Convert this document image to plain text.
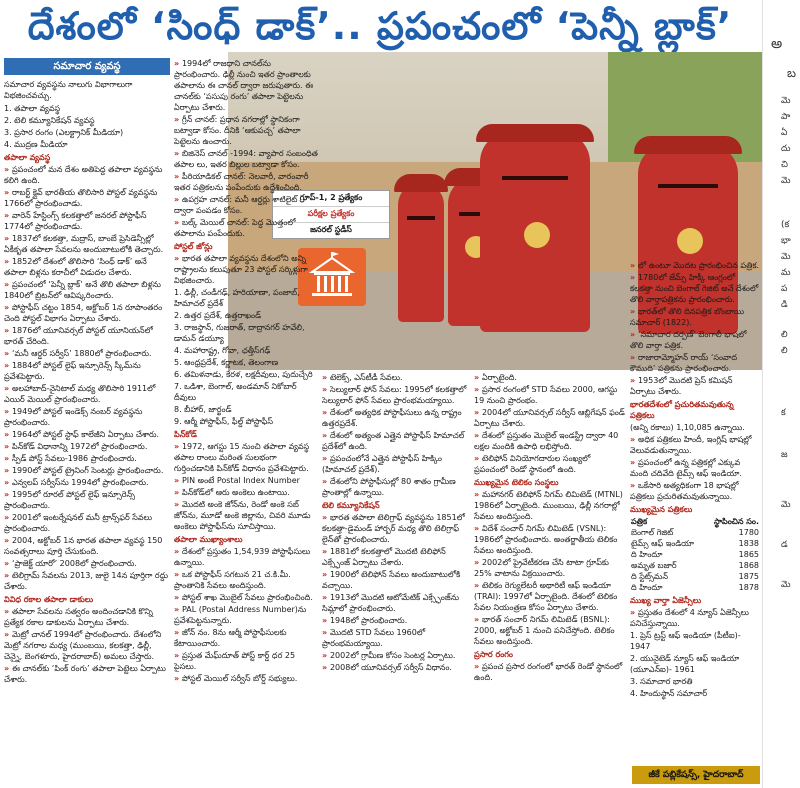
దేశంలో ‘సింధ్ డాక్’.. ప్రపంచంలో ‘పెన్నీ బ్లాక్’
గ్రూప్-1, 2 ప్రత్యేకం
పరీక్షల ప్రత్యేకం
జనరల్ స్టడీస్
సమాచార వ్యవస్థ
సమాచార వ్యవస్థను నాలుగు విభాగాలుగా విభజించవచ్చు.
1. తపాలా వ్యవస్థ
2. టెలి కమ్యూనికేషన్ వ్యవస్థ
3. ప్రసార రంగం (ఎలక్ట్రానిక్ మీడియా)
4. ముద్రణ మీడియా
తపాలా వ్యవస్థ
» ప్రపంచంలో మన దేశం అతిపెద్ద తపాలా వ్యవస్థను కలిగి ఉంది.
» రాబర్ట్ క్లైవ్ భారతీయ తొలిసారి పోస్టల్ వ్యవస్థను 1766లో ప్రారంభించాడు.
» వారెన్ హేస్టింగ్స్ కలకత్తాలో జనరల్ పోస్టాఫీస్ 1774లో ప్రారంభించాడు.
» 1837లో కలకత్తా, మద్రాస్, బాంబే ప్రెసిడెన్సీల్లో ఏకీకృత తపాలా సేవలను అందుబాటులోకి తెచ్చారు.
» 1852లో దేశంలో తొలిసారి ‘సింధ్ డాక్’ అనే తపాలా బిళ్లను కరాచీలో విడుదల చేశారు.
» ప్రపంచంలో ‘పెన్నీ బ్లాక్’ అనే తొలి తపాలా బిళ్లను 1840లో బ్రిటన్‌లో ఆవిష్కరించారు.
» పోస్టాఫీస్ చట్టం 1854, అక్టోబర్ 1న రూపాంతరం చెంది పోస్టల్ విభాగం ఏర్పాటు చేశారు.
» 1876లో యూనివర్సల్ పోస్టల్ యూనియన్‌లో భారత్ చేరింది.
» ‘మనీ ఆర్డర్ సర్వీస్’ 1880లో ప్రారంభించారు.
» 1884లో పోస్టల్ లైఫ్ ఇన్సూరెన్స్ స్కీమ్‌ను ప్రవేశపెట్టారు.
» అలహాబాద్-నైనిటాల్ మధ్య తొలిసారి 1911లో ఎయిర్ మెయిల్ ప్రారంభించారు.
» 1949లో పోస్టల్ ఇండెక్స్ నంబర్ వ్యవస్థను ప్రారంభించారు.
» 1964లో పోస్టల్ స్టాఫ్ కాలేజీని ఏర్పాటు చేశారు.
» పిన్‌కోడ్ విధానాన్ని 1972లో ప్రారంభించారు.
» స్పీడ్ పోస్ట్ సేవలు-1986 ప్రారంభించారు.
» 1990లో పోస్టల్ ట్రైనింగ్ సెంటర్లు ప్రారంభించారు.
» ఎన్వలప్ సర్వీస్‌ను 1994లో ప్రారంభించారు.
» 1995లో రూరల్ పోస్టల్ లైఫ్ ఇన్సూరెన్స్ ప్రారంభించారు.
» 2001లో ఇంటర్నేషనల్ మనీ ట్రాన్స్‌ఫర్ సేవలు ప్రారంభించారు.
» 2004, అక్టోబర్ 1న భారత తపాలా వ్యవస్థ 150 సంవత్సరాలు పూర్తి చేసుకుంది.
» ‘ప్రాజెక్ట్ యారో’ 2008లో ప్రారంభించారు.
» టెలిగ్రామ్ సేవలను 2013, జులై 14న పూర్తిగా రద్దు చేశారు.
వివిధ రకాల తపాలా డాకులు
» తపాలా సేవలను సత్వరం అందించడానికి కొన్ని ప్రత్యేక రకాల డాకులను ఏర్పాటు చేశారు.
» మెట్రో చానల్ 1994లో ప్రారంభించారు. దేశంలోని మెట్రో నగరాల మధ్య (ముంబయి, కలకత్తా, ఢిల్లీ, చెన్నై, బెంగళూరు, హైదరాబాద్) అమలు చేస్తారు.
» ఈ చానల్‌కు ‘పింక్ రంగు’ తపాలా పెట్టెలు ఏర్పాటు చేశారు.
» 1994లో రాజధాని చానల్‌ను ప్రారంభించారు. ఢిల్లీ నుంచి ఇతర ప్రాంతాలకు తపాలాను ఈ చానల్ ద్వారా జరుపుతారు. ఈ చానల్‌కు ‘పసుపు రంగు’ తపాలా పెట్టెలను ఏర్పాటు చేశారు.
» గ్రీన్ చానల్: ప్రధాన నగరాల్లో స్థానికంగా బట్వాడా కోసం. దీనికి ‘ఆకుపచ్చ’ తపాలా పెట్టెలను ఉంచారు.
» బిజినెస్ చానల్ -1994: వ్యాపార సంబంధిత తపాల లు, ఇతర బిల్లుల బట్వాడా కోసం.
» పీరియాడికల్ చానల్: నెలవారీ, వారంవారీ ఇతర పత్రికలను పంపేందుకు ఉద్దేశించింది.
» ఉపగ్రహ చానల్: మనీ ఆర్డర్లు శాటిలైట్ ద్వారా పంపడం కోసం.
» బల్క్ మెయిల్ చానల్: పెద్ద మొత్తంలో తపాలాను పంపేందుకు.
పోస్టల్ జోన్లు
» భారత తపాలా వ్యవస్థను దేశంలోని అన్ని రాష్ట్రాలను కలుపుతూ 23 పోస్టల్ సర్కిళ్లుగా విభజించారు.
1. ఢిల్లీ, చండీగఢ్, హరియాణా, పంజాబ్, హిమాచల్ ప్రదేశ్
2. ఉత్తర ప్రదేశ్, ఉత్తరాఖండ్
3. రాజస్థాన్, గుజరాత్, దాద్రానగర్ హవేలి, డామన్ డయ్యూ
4. మహారాష్ట్ర, గోవా, ఛత్తీస్‌గఢ్
5. ఆంధ్రప్రదేశ్, కర్ణాటక, తెలంగాణ
6. తమిళనాడు, కేరళ, లక్షదీవులు, పుదుచ్చేరి
7. ఒడిశా, బెంగాల్, అండమాన్ నికోబార్ దీవులు
8. బీహార్, జార్ఖండ్
9. ఆర్మీ పోస్టాఫీస్, ఫీల్డ్ పోస్టాఫీస్
పిన్‌కోడ్
» 1972, ఆగస్టు 15 నుంచి తపాలా వ్యవస్థ తపాల రాంలు మరింత సులభంగా గుర్తించడానికి పిన్‌కోడ్ విధానం ప్రవేశపెట్టారు.
» PIN అంటే Postal Index Number
» పిన్‌కోడ్‌లో ఆరు అంకెలు ఉంటాయి.
» మొదటి అంకె జోన్‌ను, రెండో అంకె సబ్ జోన్‌ను, మూడో అంకె జిల్లాను, చివరి మూడు అంకెలు పోస్టాఫీస్‌ను సూచిస్తాయి.
తపాలా ముఖ్యాంశాలు
» దేశంలో ప్రస్తుతం 1,54,939 పోస్టాఫీసులు ఉన్నాయి.
» ఒక పోస్టాఫీస్ సగటున 21 చ.కి.మీ. ప్రాంతానికి సేవలు అందిస్తుంది.
» పోస్టల్ శాఖ మొబైల్ సేవలు ప్రారంభించింది.
» PAL (Postal Address Number)ను ప్రవేశపెట్టనున్నారు.
» జోన్ నం. 8ను ఆర్మీ పోస్టాఫీసులకు కేటాయించారు.
» ప్రస్తుత మేఘ్‌దూత్ పోస్ట్ కార్డ్ ధర 25 పైసలు.
» పోస్టల్ మెయిల్ సర్వీస్ బోర్డ్ సభ్యులు.
» టెలెక్స్, ఎస్‌టీడీ సేవలు.
» సెల్యులార్ ఫోన్ సేవలు: 1995లో కలకత్తాలో సెల్యులార్ ఫోన్ సేవలు ప్రారంభమయ్యాయి.
» దేశంలో అత్యధిక పోస్టాఫీసులు ఉన్న రాష్ట్రం ఉత్తరప్రదేశ్.
» దేశంలో అత్యంత ఎత్తైన పోస్టాఫీస్ హిమాచల్ ప్రదేశ్‌లో ఉంది.
» ప్రపంచంలోనే ఎత్తైన పోస్టాఫీస్ హిక్కిం (హిమాచల్ ప్రదేశ్).
» దేశంలోని పోస్టాఫీసుల్లో 80 శాతం గ్రామీణ ప్రాంతాల్లో ఉన్నాయి.
టెలి కమ్యూనికేషన్
» భారత తపాలా టెలిగ్రాఫ్ వ్యవస్థను 1851లో కలకత్తా-డైమండ్ హార్బర్ మధ్య తొలి టెలిగ్రాఫ్ లైన్‌తో ప్రారంభించారు.
» 1881లో కలకత్తాలో మొదటి టెలిఫోన్ ఎక్స్ఛేంజ్ ఏర్పాటు చేశారు.
» 1900లో టెలిఫోన్ సేవలు అందుబాటులోకి వచ్చాయి.
» 1913లో మొదటి ఆటోమేటిక్ ఎక్స్ఛేంజ్‌ను సిమ్లాలో ప్రారంభించారు.
» 1948లో ప్రారంభించారు.
» మొదటి STD సేవలు 1960లో ప్రారంభమయ్యాయి.
» 2002లో గ్రామీణ కోసం సెంటర్ల ఏర్పాటు.
» 2008లో యూనివర్సల్ సర్వీస్ విధానం.
» ఏర్పాటైంది.
» ప్రసార రంగంలో STD సేవలు 2000, ఆగస్టు 19 నుంచి ప్రారంభం.
» 2004లో యూనివర్సల్ సర్వీస్ ఆబ్లిగేషన్ ఫండ్ ఏర్పాటు చేశారు.
» దేశంలో ప్రస్తుతం మొబైల్ ఇండస్ట్రీ ద్వారా 40 లక్షల మందికి ఉపాధి లభిస్తోంది.
» టెలిఫోన్ వినియోగదారుల సంఖ్యలో ప్రపంచంలో రెండో స్థానంలో ఉంది.
ముఖ్యమైన టెలికం సంస్థలు
» మహానగర్ టెలిఫోన్ నిగమ్ లిమిటెడ్ (MTNL) 1986లో ఏర్పాటైంది. ముంబయి, ఢిల్లీ నగరాల్లో సేవలు అందిస్తుంది.
» విదేశ్ సంచార్ నిగమ్ లిమిటెడ్ (VSNL): 1986లో ప్రారంభించారు. అంతర్జాతీయ టెలికం సేవలు అందిస్తుంది.
» 2002లో ప్రైవేటీకరణ చేసి టాటా గ్రూప్‌కు 25% వాటాను విక్రయించారు.
» టెలికం రెగ్యులేటరీ అథారిటీ ఆఫ్ ఇండియా (TRAI): 1997లో ఏర్పాటైంది. దేశంలో టెలికం సేవల నియంత్రణ కోసం ఏర్పాటు చేశారు.
» భారత్ సంచార్ నిగమ్ లిమిటెడ్ (BSNL): 2000, అక్టోబర్ 1 నుంచి పనిచేస్తోంది. టెలికం సేవలు అందిస్తుంది.
ప్రసార రంగం
» ప్రపంచ ప్రసార రంగంలో భారత్ రెండో స్థానంలో ఉంది.
» లో ఉంటూ మొదట ప్రారంభించిన పత్రిక.
» 1780లో జేమ్స్ హిక్కీ ఆంగ్లంలో కలకత్తా నుంచి బెంగాల్ గెజిట్ అనే దేశంలో తొలి వార్తాపత్రికను ప్రారంభించారు.
» భారత్‌లో తొలి దినపత్రిక బొంబాయి సమాచార్ (1822).
» ‘సమాచార దర్పణ్’ బెంగాలీ భాషలో తొలి వార్తా పత్రిక.
» రాజారామ్మోహన్ రాయ్ ‘సంవాద కౌముది’ పత్రికను ప్రారంభించారు.
» 1953లో మొదటి ప్రెస్ కమిషన్ ఏర్పాటు చేశారు.
భారతదేశంలో ప్రచురితమవుతున్న పత్రికలు
(అన్ని రకాలు) 1,10,085 ఉన్నాయి.
» అధిక పత్రికలు హిందీ, ఇంగ్లిష్ భాషల్లో వెలువడుతున్నాయి.
» ప్రపంచంలో ఉన్న పత్రికల్లో ఎక్కువ మంది చదివేది టైమ్స్ ఆఫ్ ఇండియా.
» ఒకేసారి అత్యధికంగా 18 భాషల్లో పత్రికలు ప్రచురితమవుతున్నాయి.
ముఖ్యమైన పత్రికలు
పత్రిక	స్థాపించిన సం.
బెంగాల్ గెజిట్	1780
టైమ్స్ ఆఫ్ ఇండియా	1838
ది హిందూ	1865
అమృత బజార్	1868
ది స్టేట్స్‌మన్	1875
ది హిందూ	1878
ముఖ్య వార్తా ఏజెన్సీలు
» ప్రస్తుతం దేశంలో 4 న్యూస్ ఏజెన్సీలు పనిచేస్తున్నాయి.
1. ప్రెస్ ట్రస్ట్ ఆఫ్ ఇండియా (పీటీఐ)- 1947
2. యునైటెడ్ న్యూస్ ఆఫ్ ఇండియా (యూఎన్ఐ)- 1961
3. సమాచార భారతి
4. హిందుస్థాన్ సమాచార్
జీకే పబ్లికేషన్స్, హైదరాబాద్
అ
బ
మె
పా
ఏ
దు
చి
మె
(క
భా
మె
మ
ప
డి
లి
లి
క
జ
మె
డ
మె
